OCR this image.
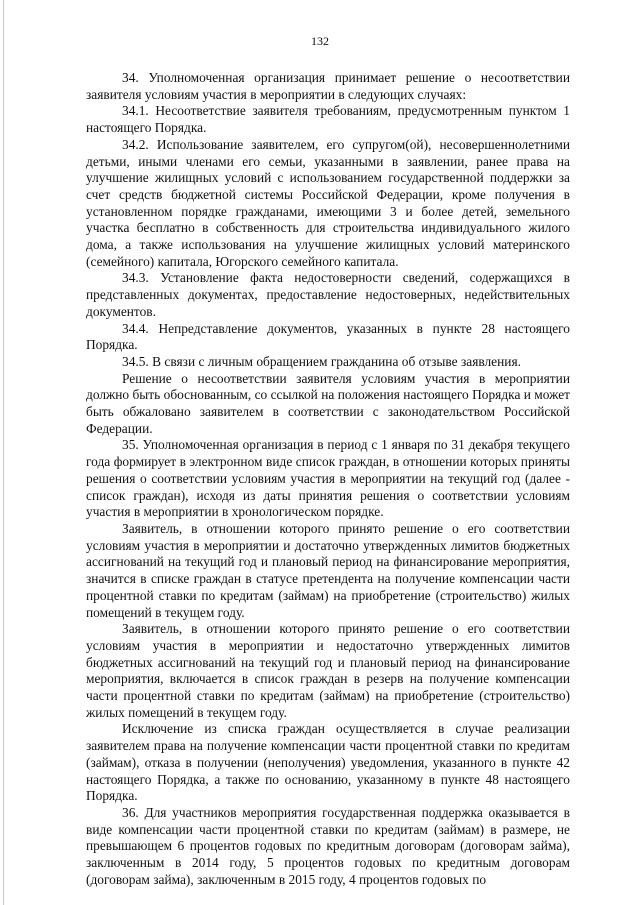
132

34. Уполномоченная организация принимает решение о несоответствии заявителя условиям участия в мероприятии в следующих случаях:

34.1. Несоответствие заявителя требованиям, предусмотренным пунктом 1 настоящего Порядка.

34.2. Использование заявителем, его супругом(ой), несовершеннолетними детьми, иными членами его семьи, указанными в заявлении, ранее права на улучшение жилищных условий с использованием государственной поддержки за счет средств бюджетной системы Российской Федерации, кроме получения в установленном порядке гражданами, имеющими 3 и более детей, земельного участка бесплатно в собственность для строительства индивидуального жилого дома, а также использования на улучшение жилищных условий материнского (семейного) капитала, Югорского семейного капитала.

34.3. Установление факта недостоверности сведений, содержащихся в представленных документах, предоставление недостоверных, недействительных документов.

34.4. Непредставление документов, указанных в пункте 28 настоящего Порядка.

34.5. В связи с личным обращением гражданина об отзыве заявления.

Решение о несоответствии заявителя условиям участия в мероприятии должно быть обоснованным, со ссылкой на положения настоящего Порядка и может быть обжаловано заявителем в соответствии с законодательством Российской Федерации.

35. Уполномоченная организация в период с 1 января по 31 декабря текущего года формирует в электронном виде список граждан, в отношении которых приняты решения о соответствии условиям участия в мероприятии на текущий год (далее - список граждан), исходя из даты принятия решения о соответствии условиям участия в мероприятии в хронологическом порядке.

Заявитель, в отношении которого принято решение о его соответствии условиям участия в мероприятии и достаточно утвержденных лимитов бюджетных ассигнований на текущий год и плановый период на финансирование мероприятия, значится в списке граждан в статусе претендента на получение компенсации части процентной ставки по кредитам (займам) на приобретение (строительство) жилых помещений в текущем году.

Заявитель, в отношении которого принято решение о его соответствии условиям участия в мероприятии и недостаточно утвержденных лимитов бюджетных ассигнований на текущий год и плановый период на финансирование мероприятия, включается в список граждан в резерв на получение компенсации части процентной ставки по кредитам (займам) на приобретение (строительство) жилых помещений в текущем году.

Исключение из списка граждан осуществляется в случае реализации заявителем права на получение компенсации части процентной ставки по кредитам (займам), отказа в получении (неполучения) уведомления, указанного в пункте 42 настоящего Порядка, а также по основанию, указанному в пункте 48 настоящего Порядка.

36. Для участников мероприятия государственная поддержка оказывается в виде компенсации части процентной ставки по кредитам (займам) в размере, не превышающем 6 процентов годовых по кредитным договорам (договорам займа), заключенным в 2014 году, 5 процентов годовых по кредитным договорам (договорам займа), заключенным в 2015 году, 4 процентов годовых по
